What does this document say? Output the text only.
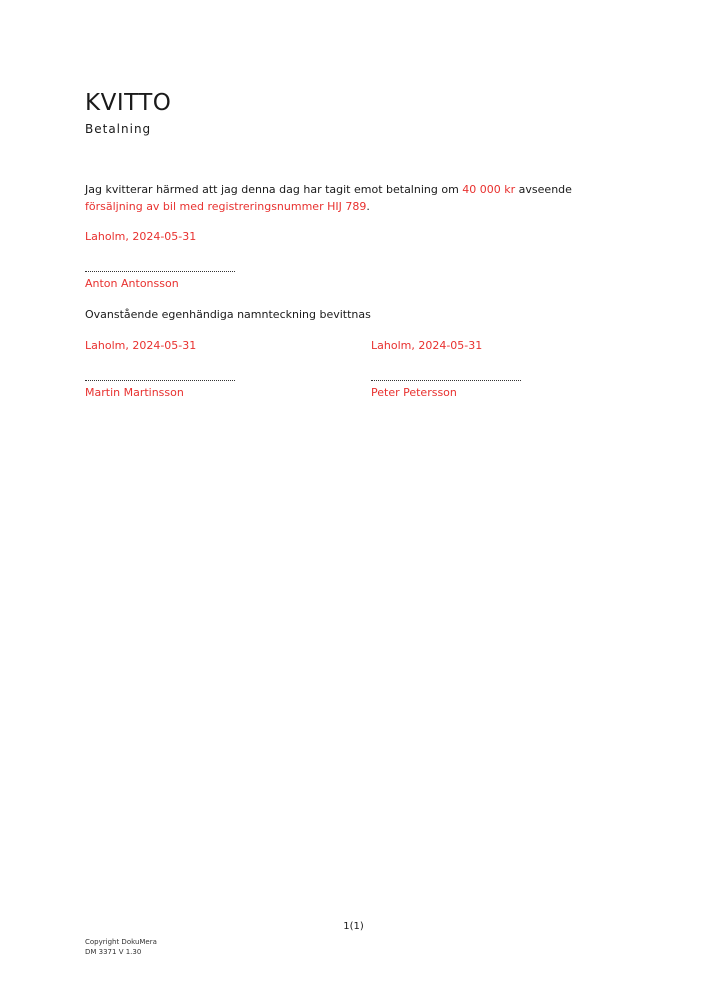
KVITTO
Betalning
Jag kvitterar härmed att jag denna dag har tagit emot betalning om 40 000 kr avseende
försäljning av bil med registreringsnummer HIJ 789.
Laholm, 2024-05-31
Anton Antonsson
Ovanstående egenhändiga namnteckning bevittnas
Laholm, 2024-05-31
Martin Martinsson
Laholm, 2024-05-31
Peter Petersson
1(1)
Copyright DokuMera
DM 3371 V 1.30
